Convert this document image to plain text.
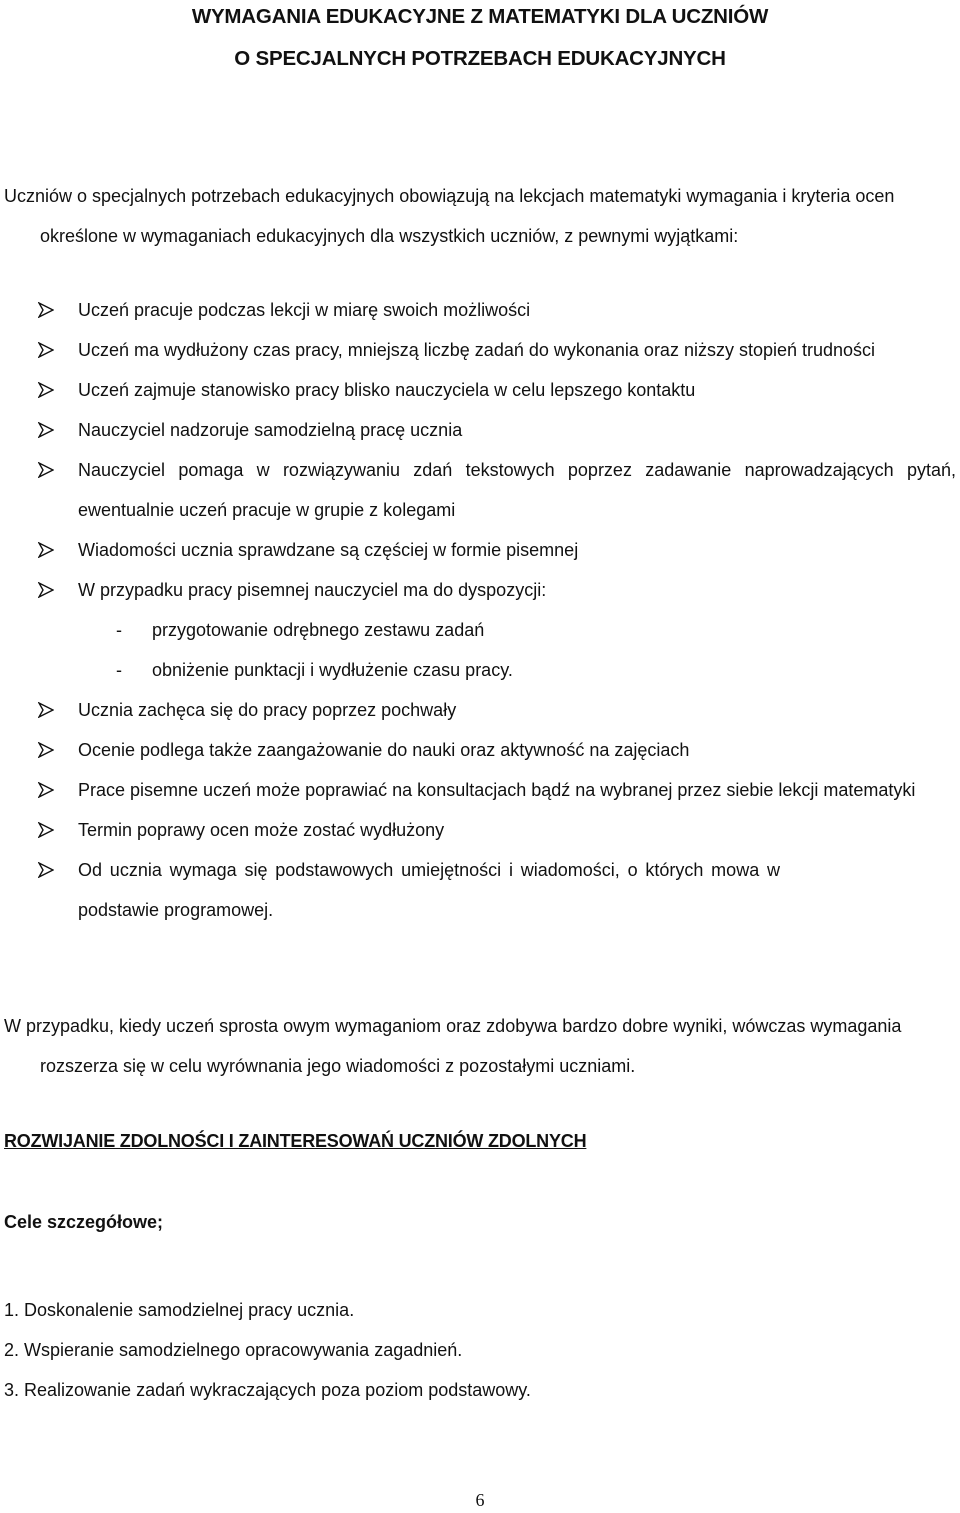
WYMAGANIA EDUKACYJNE Z MATEMATYKI DLA UCZNIÓW
O SPECJALNYCH POTRZEBACH EDUKACYJNYCH
Uczniów o specjalnych potrzebach edukacyjnych obowiązują na lekcjach matematyki wymagania i kryteria ocen
określone w wymaganiach edukacyjnych dla wszystkich uczniów, z pewnymi wyjątkami:
Uczeń pracuje podczas lekcji w miarę swoich możliwości
Uczeń ma wydłużony czas pracy, mniejszą liczbę zadań do wykonania oraz niższy stopień trudności
Uczeń zajmuje stanowisko pracy blisko nauczyciela w celu lepszego kontaktu
Nauczyciel nadzoruje samodzielną pracę ucznia
Nauczyciel pomaga w rozwiązywaniu zdań tekstowych poprzez zadawanie naprowadzających pytań, ewentualnie uczeń pracuje w grupie z kolegami
Wiadomości ucznia sprawdzane są częściej w formie pisemnej
W przypadku pracy pisemnej nauczyciel ma do dyspozycji:
- przygotowanie odrębnego zestawu zadań
- obniżenie punktacji i wydłużenie czasu pracy.
Ucznia zachęca się do pracy poprzez pochwały
Ocenie podlega także zaangażowanie do nauki oraz aktywność na zajęciach
Prace pisemne uczeń może poprawiać na konsultacjach bądź na wybranej przez siebie lekcji matematyki
Termin poprawy ocen może zostać wydłużony
Od ucznia wymaga się podstawowych umiejętności i wiadomości, o których mowa w podstawie programowej.
W przypadku, kiedy uczeń sprosta owym wymaganiom oraz zdobywa bardzo dobre wyniki, wówczas wymagania
rozszerza się w celu wyrównania jego wiadomości z pozostałymi uczniami.
ROZWIJANIE ZDOLNOŚCI I ZAINTERESOWAŃ UCZNIÓW ZDOLNYCH
Cele szczegółowe;
1. Doskonalenie samodzielnej pracy ucznia.
2. Wspieranie samodzielnego opracowywania zagadnień.
3. Realizowanie zadań wykraczających poza poziom podstawowy.
6
